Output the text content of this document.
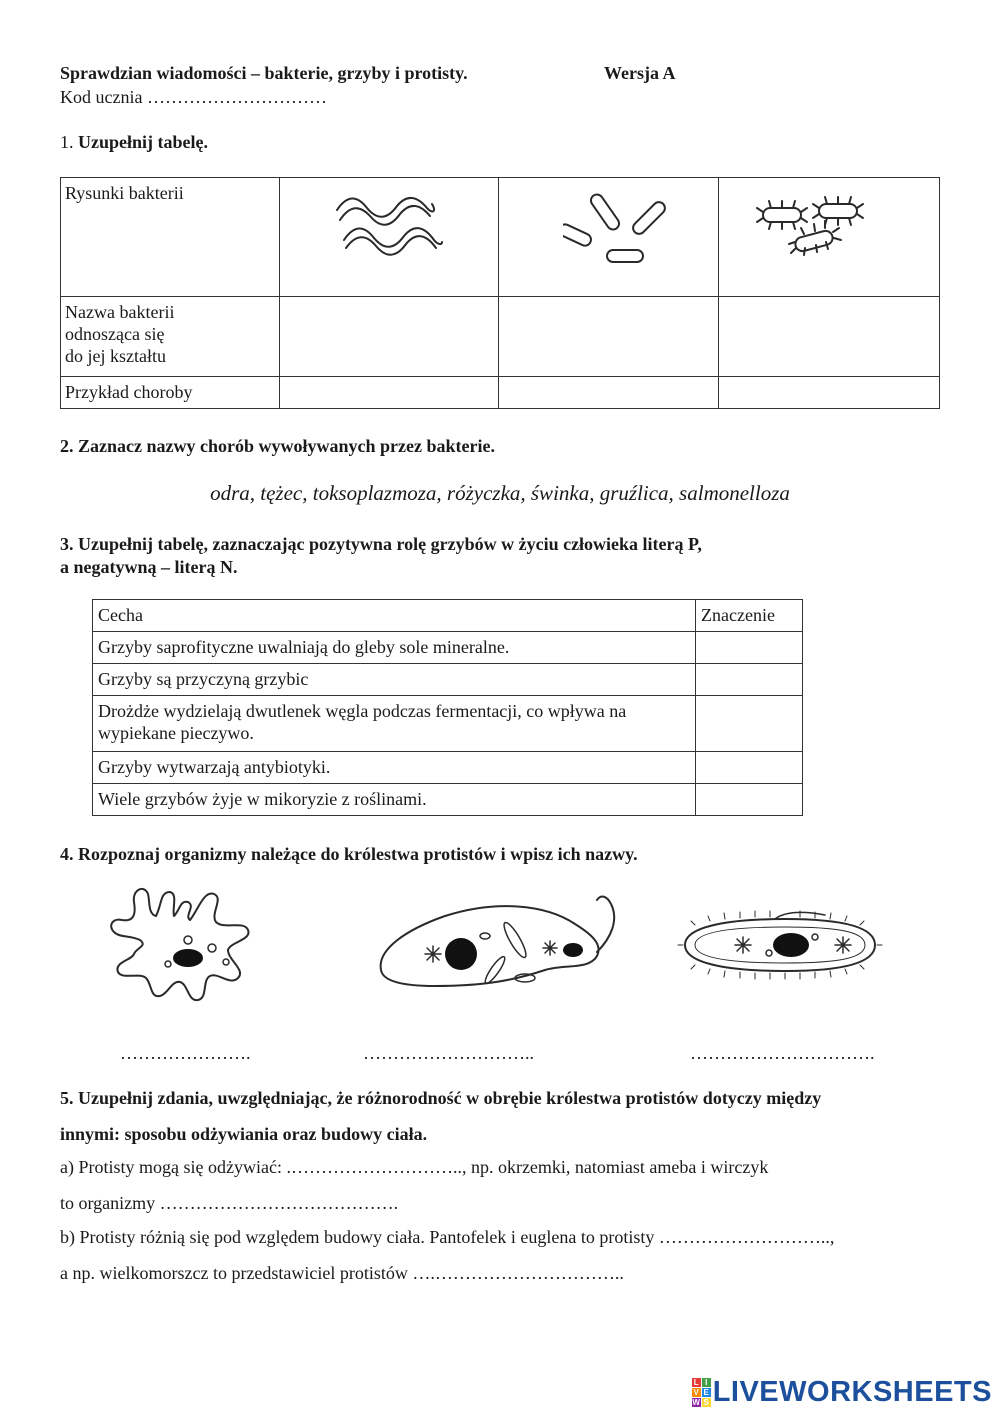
Sprawdzian wiadomości – bakterie, grzyby i protisty.	Wersja A
Kod ucznia …………………………
1. Uzupełnij tabelę.
Rysunki bakterii	

Nazwa bakterii
odnosząca się
do jej kształtu			

Przykład choroby			
2. Zaznacz nazwy chorób wywoływanych przez bakterie.
odra, tężec, toksoplazmoza, różyczka, świnka, gruźlica, salmonelloza
3. Uzupełnij tabelę, zaznaczając pozytywna rolę grzybów w życiu człowieka literą P,
a negatywną – literą N.
Cecha	Znaczenie
Grzyby saprofityczne uwalniają do gleby sole mineralne.	
Grzyby są przyczyną grzybic	
Drożdże wydzielają dwutlenek węgla podczas fermentacji, co wpływa na wypiekane pieczywo.	
Grzyby wytwarzają antybiotyki.	
Wiele grzybów żyje w mikoryzie z roślinami.	
4. Rozpoznaj organizmy należące do królestwa protistów i wpisz ich nazwy.
………………….	………………………..	………………………….
5. Uzupełnij zdania, uwzględniając, że różnorodność w obrębie królestwa protistów dotyczy między
innymi: sposobu odżywiania oraz budowy ciała.
a) Protisty mogą się odżywiać: .……………………….., np. okrzemki, natomiast ameba i wirczyk
to organizmy ………………………………….
b) Protisty różnią się pod względem budowy ciała. Pantofelek i euglena to protisty ………………………..,
a np. wielkomorszcz to przedstawiciel protistów ….…………………………..
L I
V E
W S LIVEWORKSHEETS
